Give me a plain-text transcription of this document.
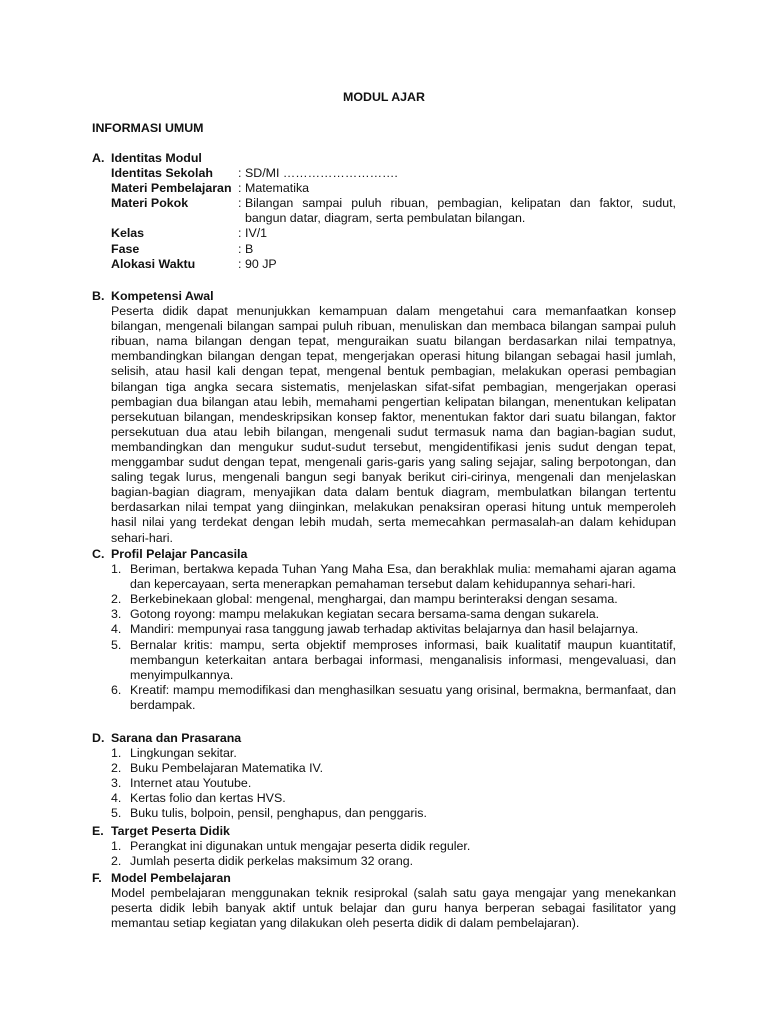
MODUL AJAR
INFORMASI UMUM
A. Identitas Modul
Identitas Sekolah : SD/MI ……………………….
Materi Pembelajaran : Matematika
Materi Pokok	: Bilangan sampai puluh ribuan, pembagian, kelipatan dan faktor, sudut, bangun datar, diagram, serta pembulatan bilangan.
Kelas	: IV/1
Fase	: B
Alokasi Waktu	: 90 JP
B. Kompetensi Awal
Peserta didik dapat menunjukkan kemampuan dalam mengetahui cara memanfaatkan konsep bilangan, mengenali bilangan sampai puluh ribuan, menuliskan dan membaca bilangan sampai puluh ribuan, nama bilangan dengan tepat, menguraikan suatu bilangan berdasarkan nilai tempatnya, membandingkan bilangan dengan tepat, mengerjakan operasi hitung bilangan sebagai hasil jumlah, selisih, atau hasil kali dengan tepat, mengenal bentuk pembagian, melakukan operasi pembagian bilangan tiga angka secara sistematis, menjelaskan sifat-sifat pembagian, mengerjakan operasi pembagian dua bilangan atau lebih, memahami pengertian kelipatan bilangan, menentukan kelipatan persekutuan bilangan, mendeskripsikan konsep faktor, menentukan faktor dari suatu bilangan, faktor persekutuan dua atau lebih bilangan, mengenali sudut termasuk nama dan bagian-bagian sudut, membandingkan dan mengukur sudut-sudut tersebut, mengidentifikasi jenis sudut dengan tepat, menggambar sudut dengan tepat, mengenali garis-garis yang saling sejajar, saling berpotongan, dan saling tegak lurus, mengenali bangun segi banyak berikut ciri-cirinya, mengenali dan menjelaskan bagian-bagian diagram, menyajikan data dalam bentuk diagram, membulatkan bilangan tertentu berdasarkan nilai tempat yang diinginkan, melakukan penaksiran operasi hitung untuk memperoleh hasil nilai yang terdekat dengan lebih mudah, serta memecahkan permasalah-an dalam kehidupan sehari-hari.
C. Profil Pelajar Pancasila
1. Beriman, bertakwa kepada Tuhan Yang Maha Esa, dan berakhlak mulia: memahami ajaran agama dan kepercayaan, serta menerapkan pemahaman tersebut dalam kehidupannya sehari-hari.
2. Berkebinekaan global: mengenal, menghargai, dan mampu berinteraksi dengan sesama.
3. Gotong royong: mampu melakukan kegiatan secara bersama-sama dengan sukarela.
4. Mandiri: mempunyai rasa tanggung jawab terhadap aktivitas belajarnya dan hasil belajarnya.
5. Bernalar kritis: mampu, serta objektif memproses informasi, baik kualitatif maupun kuantitatif, membangun keterkaitan antara berbagai informasi, menganalisis informasi, mengevaluasi, dan menyimpulkannya.
6. Kreatif: mampu memodifikasi dan menghasilkan sesuatu yang orisinal, bermakna, bermanfaat, dan berdampak.
D. Sarana dan Prasarana
1. Lingkungan sekitar.
2. Buku Pembelajaran Matematika IV.
3. Internet atau Youtube.
4. Kertas folio dan kertas HVS.
5. Buku tulis, bolpoin, pensil, penghapus, dan penggaris.
E. Target Peserta Didik
1. Perangkat ini digunakan untuk mengajar peserta didik reguler.
2. Jumlah peserta didik perkelas maksimum 32 orang.
F. Model Pembelajaran
Model pembelajaran menggunakan teknik resiprokal (salah satu gaya mengajar yang menekankan peserta didik lebih banyak aktif untuk belajar dan guru hanya berperan sebagai fasilitator yang memantau setiap kegiatan yang dilakukan oleh peserta didik di dalam pembelajaran).
